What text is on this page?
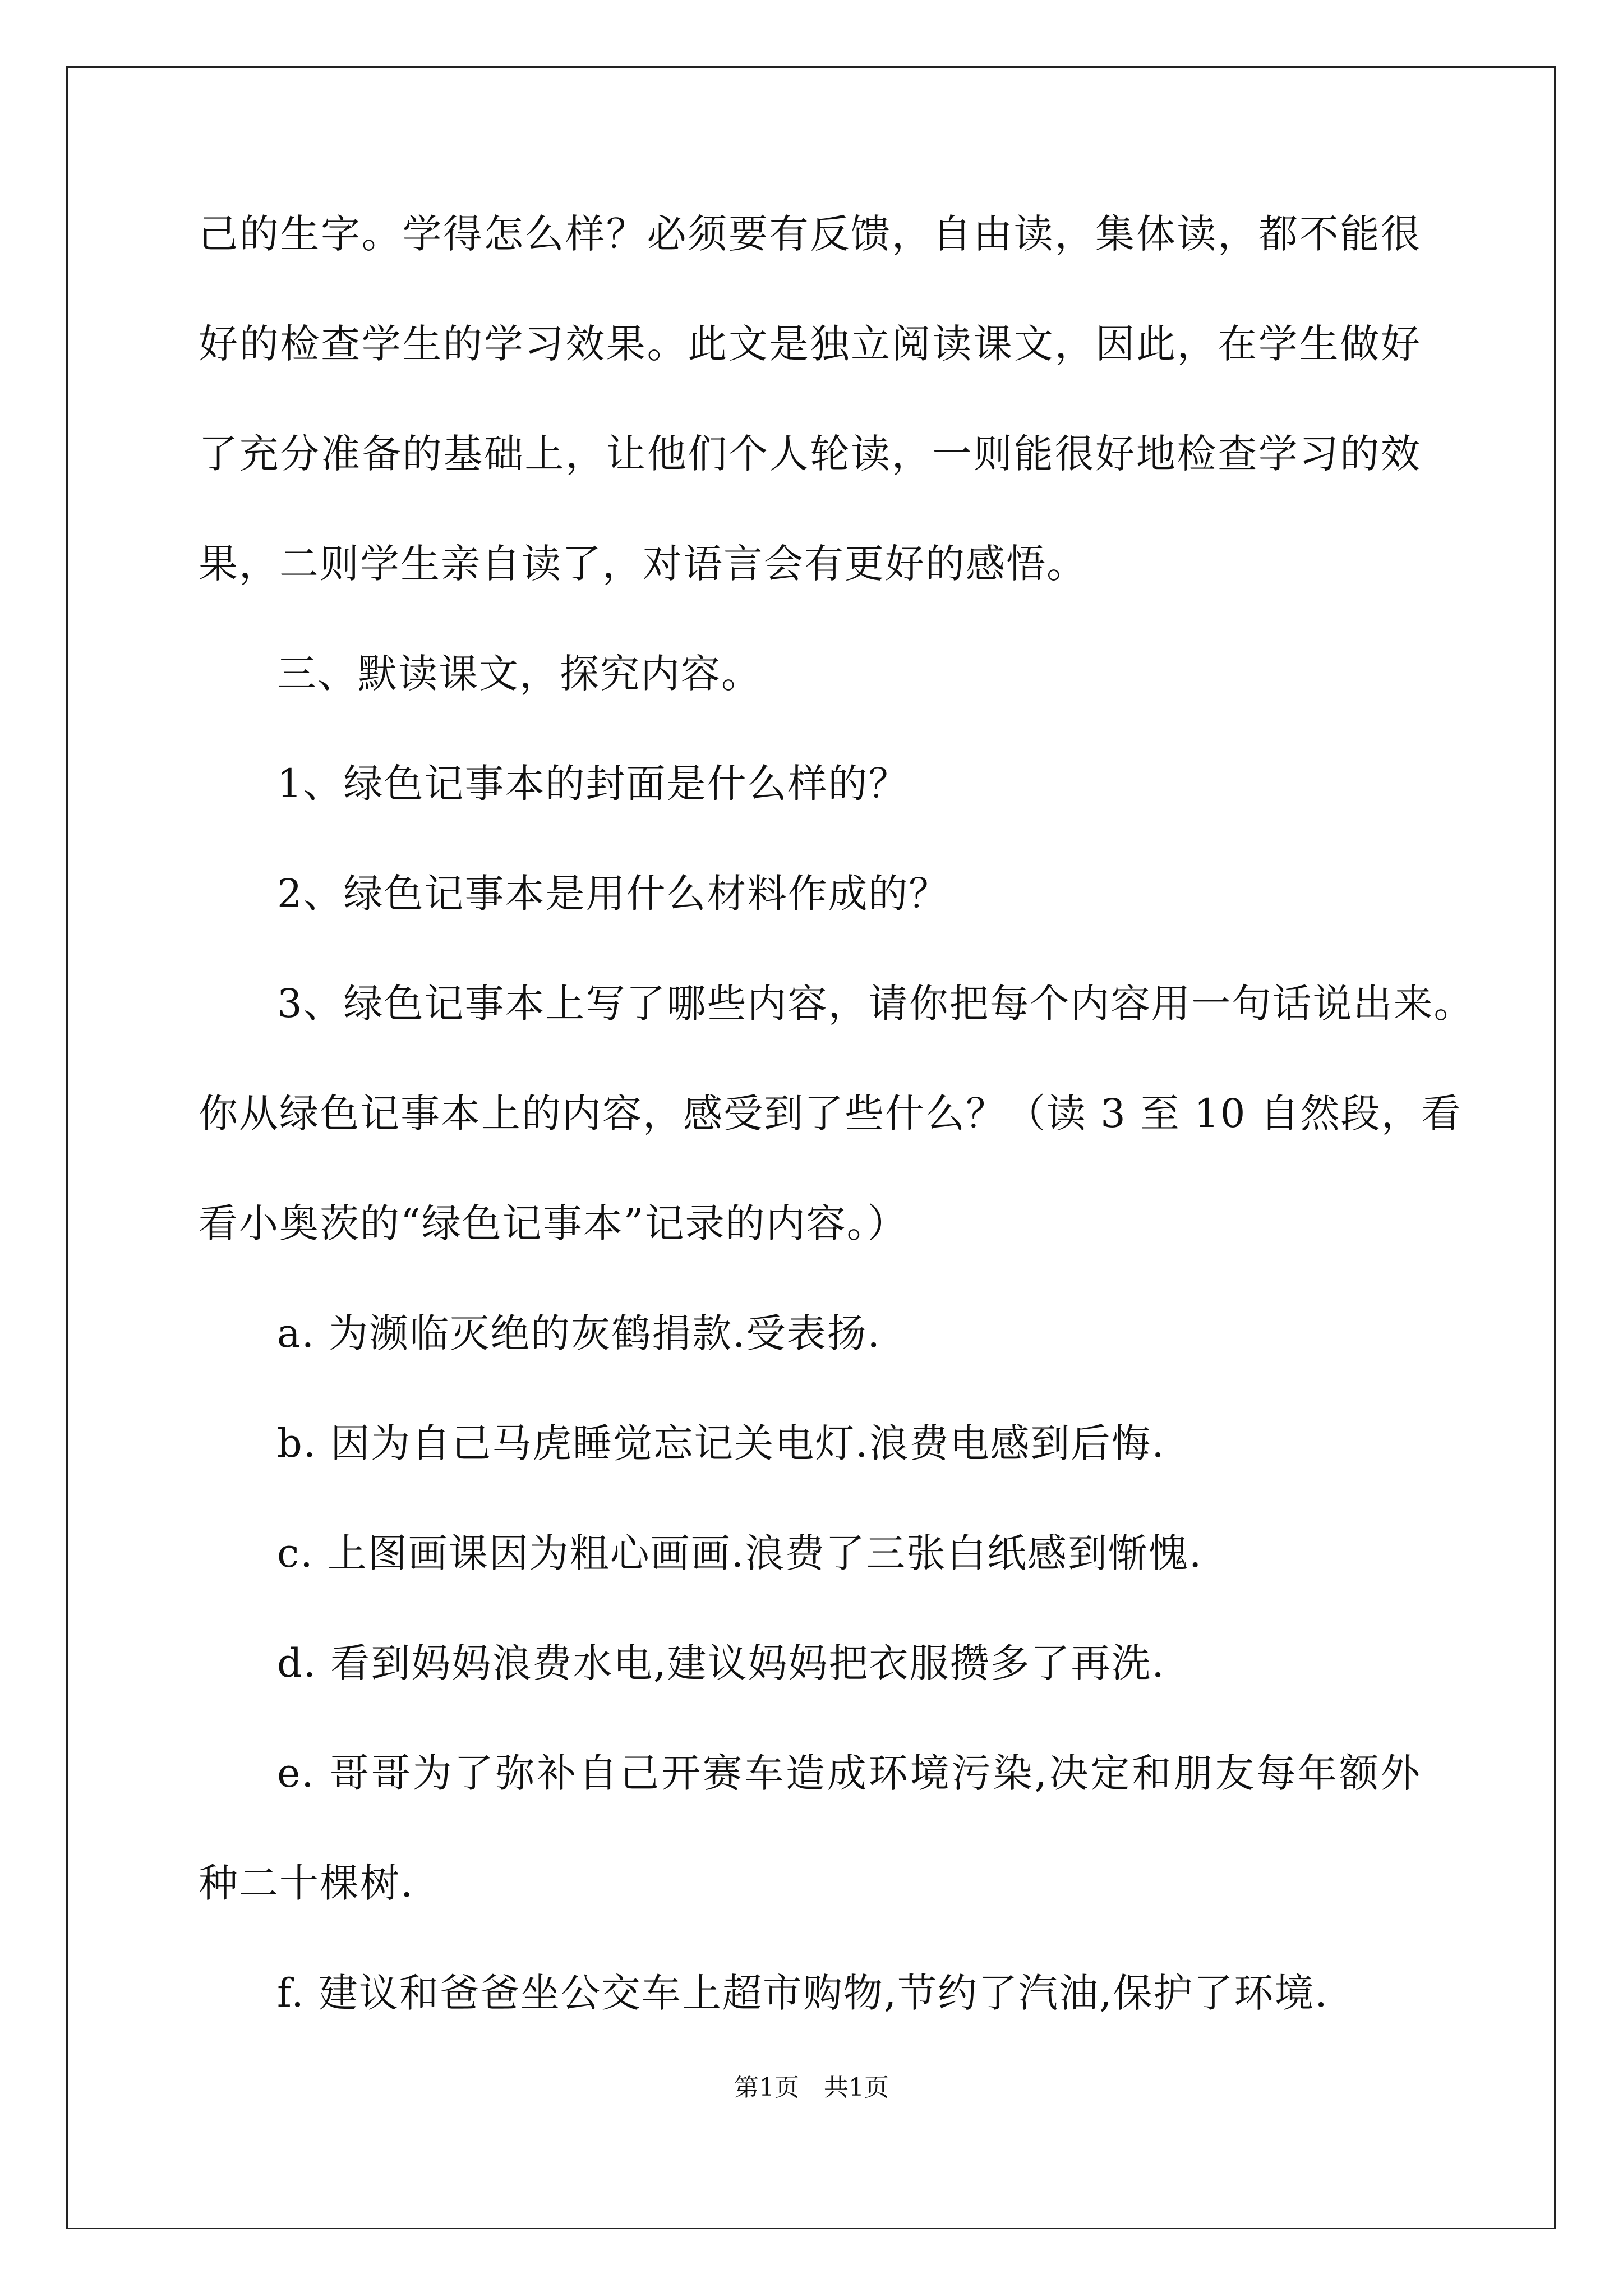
己的生字。学得怎么样？必须要有反馈，自由读，集体读，都不能很
好的检查学生的学习效果。此文是独立阅读课文，因此，在学生做好
了充分准备的基础上，让他们个人轮读，一则能很好地检查学习的效
果，二则学生亲自读了，对语言会有更好的感悟。
三、默读课文，探究内容。
1、绿色记事本的封面是什么样的？
2、绿色记事本是用什么材料作成的？
3、绿色记事本上写了哪些内容，请你把每个内容用一句话说出来。
你从绿色记事本上的内容，感受到了些什么？（读 3 至 10 自然段，看
看小奥茨的“绿色记事本”记录的内容。）
a. 为濒临灭绝的灰鹤捐款.受表扬.
b. 因为自己马虎睡觉忘记关电灯.浪费电感到后悔.
c. 上图画课因为粗心画画.浪费了三张白纸感到惭愧.
d. 看到妈妈浪费水电,建议妈妈把衣服攒多了再洗.
e. 哥哥为了弥补自己开赛车造成环境污染,决定和朋友每年额外
种二十棵树.
f. 建议和爸爸坐公交车上超市购物,节约了汽油,保护了环境.
第1页　共1页
